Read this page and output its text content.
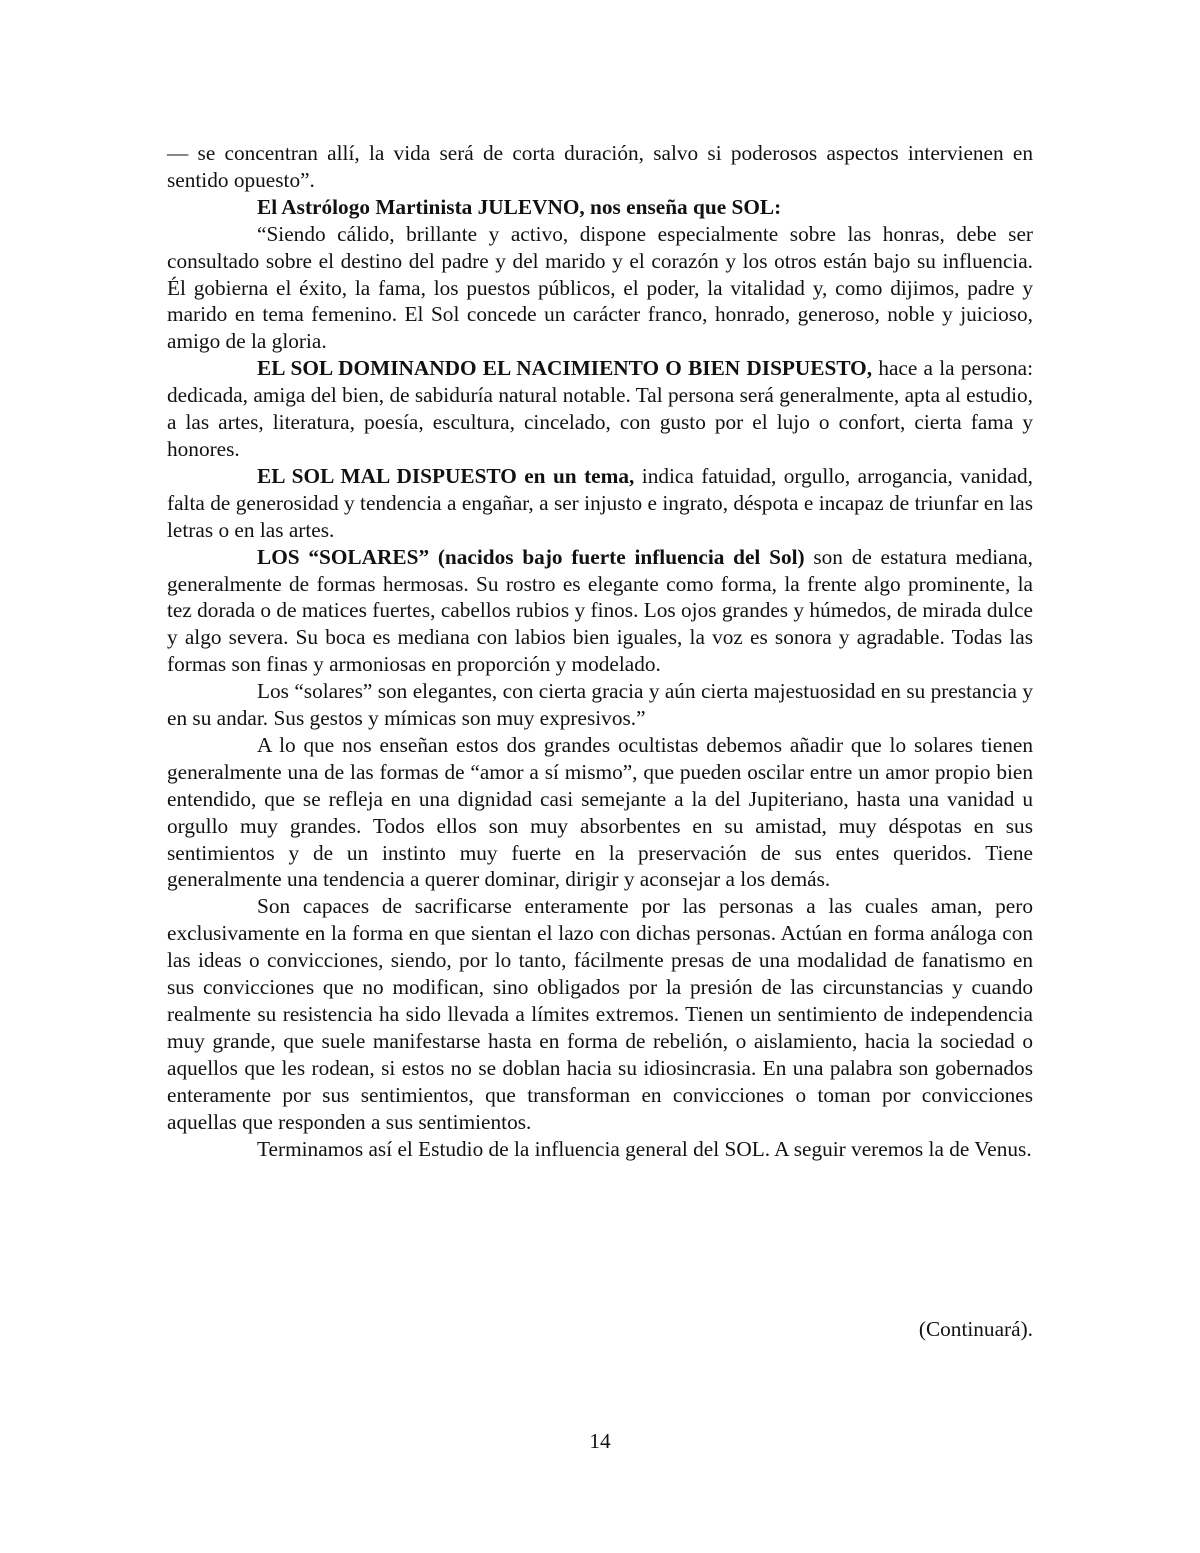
— se concentran allí, la vida será de corta duración, salvo si poderosos aspectos intervienen en sentido opuesto”.

El Astrólogo Martinista JULEVNO, nos enseña que SOL:

“Siendo cálido, brillante y activo, dispone especialmente sobre las honras, debe ser consultado sobre el destino del padre y del marido y el corazón y los otros están bajo su influencia. Él gobierna el éxito, la fama, los puestos públicos, el poder, la vitalidad y, como dijimos, padre y marido en tema femenino. El Sol concede un carácter franco, honrado, generoso, noble y juicioso, amigo de la gloria.

EL SOL DOMINANDO EL NACIMIENTO O BIEN DISPUESTO, hace a la persona: dedicada, amiga del bien, de sabiduría natural notable. Tal persona será generalmente, apta al estudio, a las artes, literatura, poesía, escultura, cincelado, con gusto por el lujo o confort, cierta fama y honores.

EL SOL MAL DISPUESTO en un tema, indica fatuidad, orgullo, arrogancia, vanidad, falta de generosidad y tendencia a engañar, a ser injusto e ingrato, déspota e incapaz de triunfar en las letras o en las artes.

LOS “SOLARES” (nacidos bajo fuerte influencia del Sol) son de estatura mediana, generalmente de formas hermosas. Su rostro es elegante como forma, la frente algo prominente, la tez dorada o de matices fuertes, cabellos rubios y finos. Los ojos grandes y húmedos, de mirada dulce y algo severa. Su boca es mediana con labios bien iguales, la voz es sonora y agradable. Todas las formas son finas y armoniosas en proporción y modelado.

Los “solares” son elegantes, con cierta gracia y aún cierta majestuosidad en su prestancia y en su andar. Sus gestos y mímicas son muy expresivos.”

A lo que nos enseñan estos dos grandes ocultistas debemos añadir que lo solares tienen generalmente una de las formas de “amor a sí mismo”, que pueden oscilar entre un amor propio bien entendido, que se refleja en una dignidad casi semejante a la del Jupiteriano, hasta una vanidad u orgullo muy grandes. Todos ellos son muy absorbentes en su amistad, muy déspotas en sus sentimientos y de un instinto muy fuerte en la preservación de sus entes queridos. Tiene generalmente una tendencia a querer dominar, dirigir y aconsejar a los demás.

Son capaces de sacrificarse enteramente por las personas a las cuales aman, pero exclusivamente en la forma en que sientan el lazo con dichas personas. Actúan en forma análoga con las ideas o convicciones, siendo, por lo tanto, fácilmente presas de una modalidad de fanatismo en sus convicciones que no modifican, sino obligados por la presión de las circunstancias y cuando realmente su resistencia ha sido llevada a límites extremos. Tienen un sentimiento de independencia muy grande, que suele manifestarse hasta en forma de rebelión, o aislamiento, hacia la sociedad o aquellos que les rodean, si estos no se doblan hacia su idiosincrasia. En una palabra son gobernados enteramente por sus sentimientos, que transforman en convicciones o toman por convicciones aquellas que responden a sus sentimientos.

Terminamos así el Estudio de la influencia general del SOL. A seguir veremos la de Venus.

(Continuará).
14
